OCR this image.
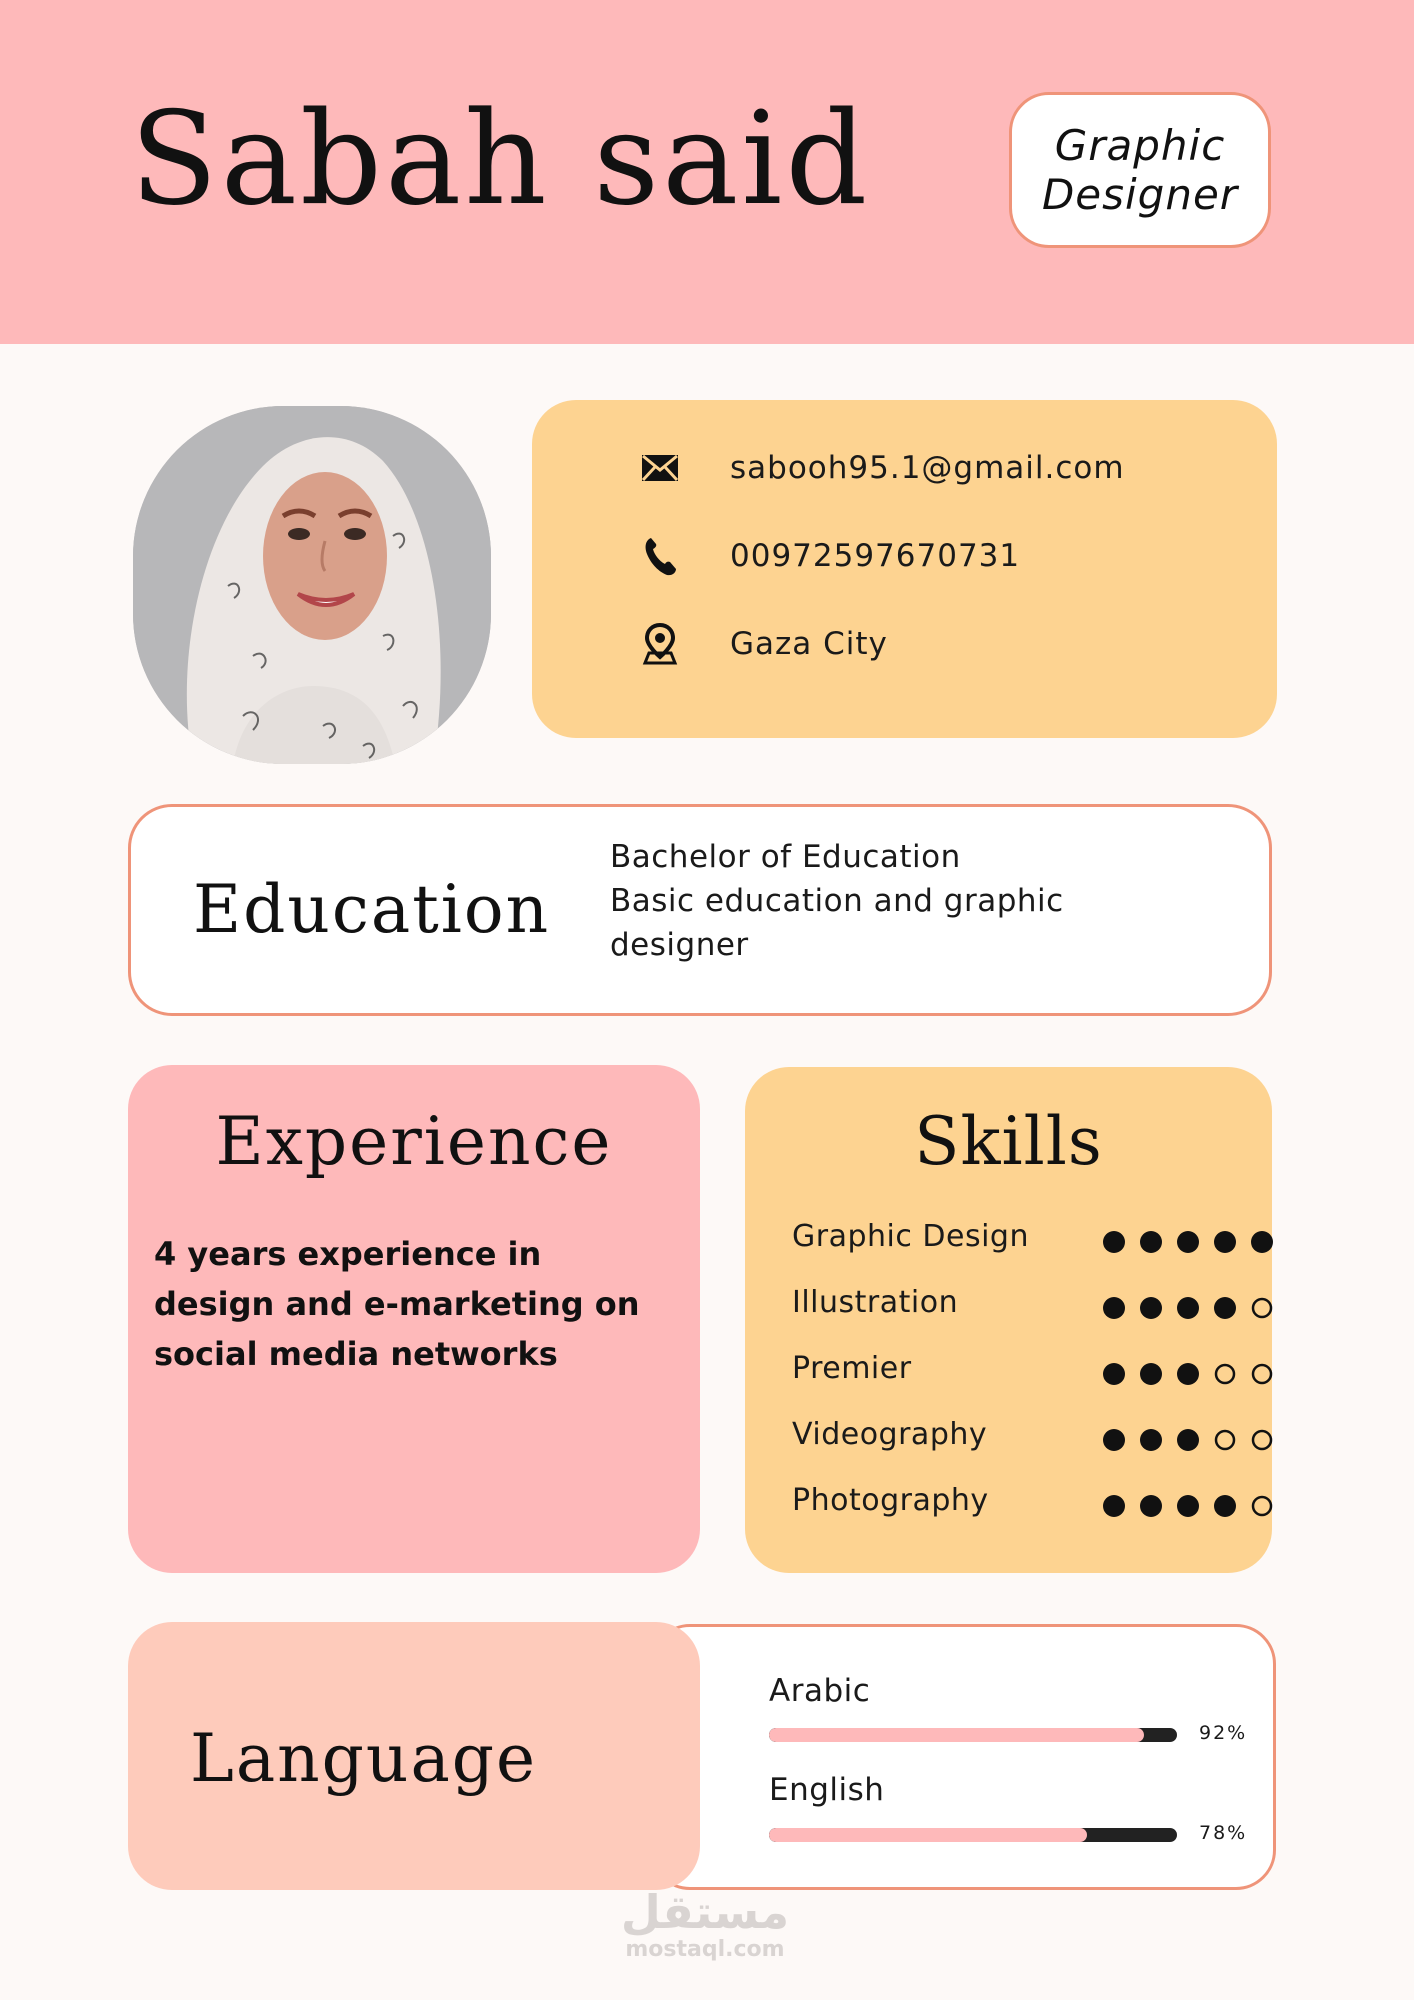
Sabah said	Graphic
Designer
sabooh95.1@gmail.com
00972597670731
Gaza City
Education
Bachelor of Education
Basic education and graphic designer
Experience
4 years experience in design and e-marketing on social media networks
Skills
Graphic Design
Illustration
Premier
Videography
Photography
Language
Arabic
92%
English
78%
مستقل
mostaql.com
